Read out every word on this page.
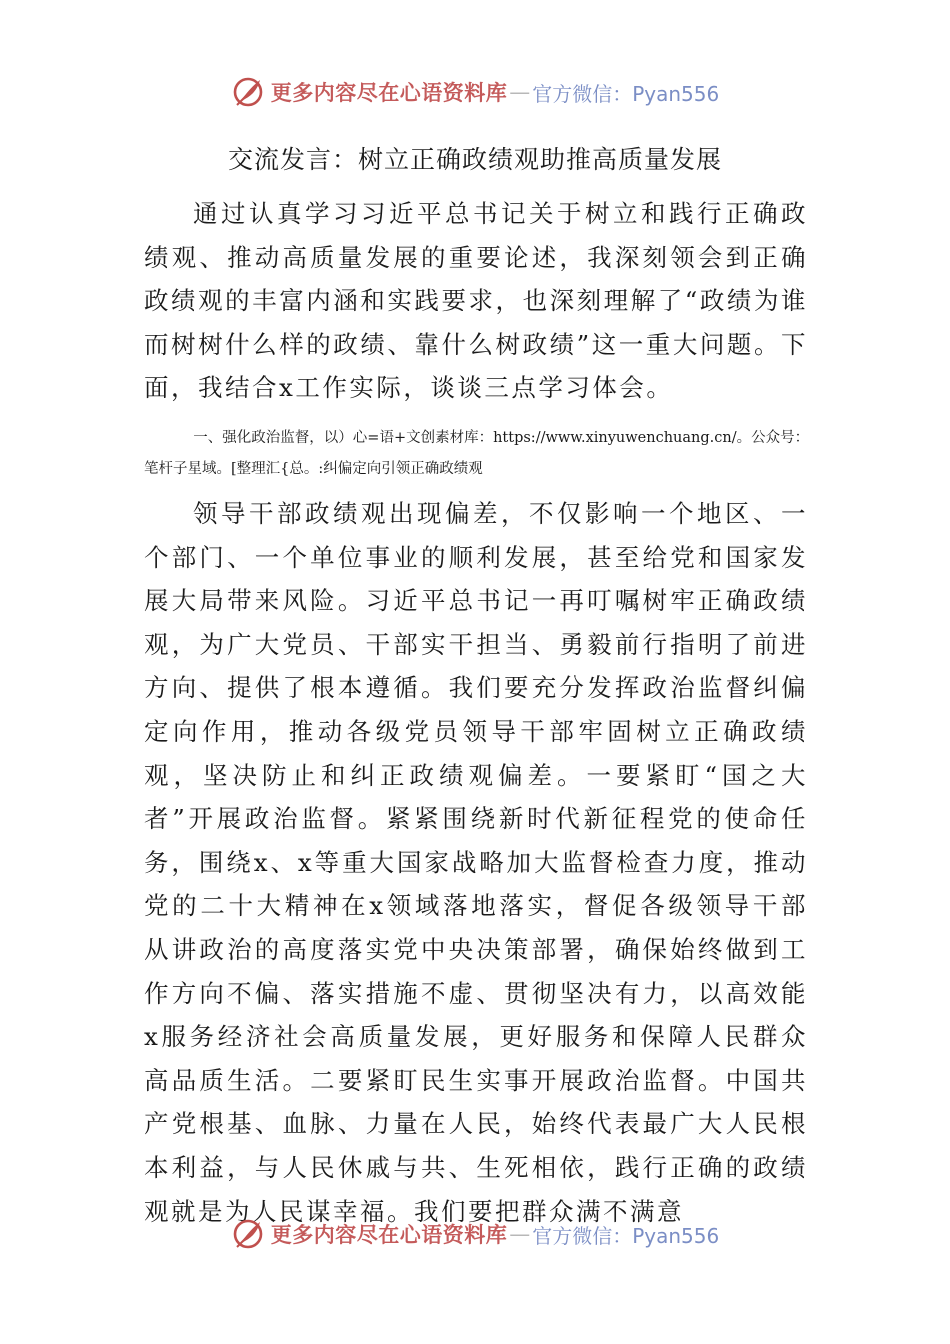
更多内容尽在心语资料库 — 官方微信：Pyan556
交流发言：树立正确政绩观助推高质量发展

通过认真学习习近平总书记关于树立和践行正确政绩观、推动高质量发展的重要论述，我深刻领会到正确政绩观的丰富内涵和实践要求，也深刻理解了“政绩为谁而树树什么样的政绩、靠什么树政绩”这一重大问题。下面，我结合x工作实际，谈谈三点学习体会。

一、强化政治监督，以）心=语+文创素材库：https://www.xinyuwenchuang.cn/。公众号：笔杆子星域。[整理汇{总。:纠偏定向引领正确政绩观

领导干部政绩观出现偏差，不仅影响一个地区、一个部门、一个单位事业的顺利发展，甚至给党和国家发展大局带来风险。习近平总书记一再叮嘱树牢正确政绩观，为广大党员、干部实干担当、勇毅前行指明了前进方向、提供了根本遵循。我们要充分发挥政治监督纠偏定向作用，推动各级党员领导干部牢固树立正确政绩观，坚决防止和纠正政绩观偏差。一要紧盯“国之大者”开展政治监督。紧紧围绕新时代新征程党的使命任务，围绕x、x等重大国家战略加大监督检查力度，推动党的二十大精神在x领域落地落实，督促各级领导干部从讲政治的高度落实党中央决策部署，确保始终做到工作方向不偏、落实措施不虚、贯彻坚决有力，以高效能x服务经济社会高质量发展，更好服务和保障人民群众高品质生活。二要紧盯民生实事开展政治监督。中国共产党根基、血脉、力量在人民，始终代表最广大人民根本利益，与人民休戚与共、生死相依，践行正确的政绩观就是为人民谋幸福。我们要把群众满不满意

更多内容尽在心语资料库 — 官方微信：Pyan556
